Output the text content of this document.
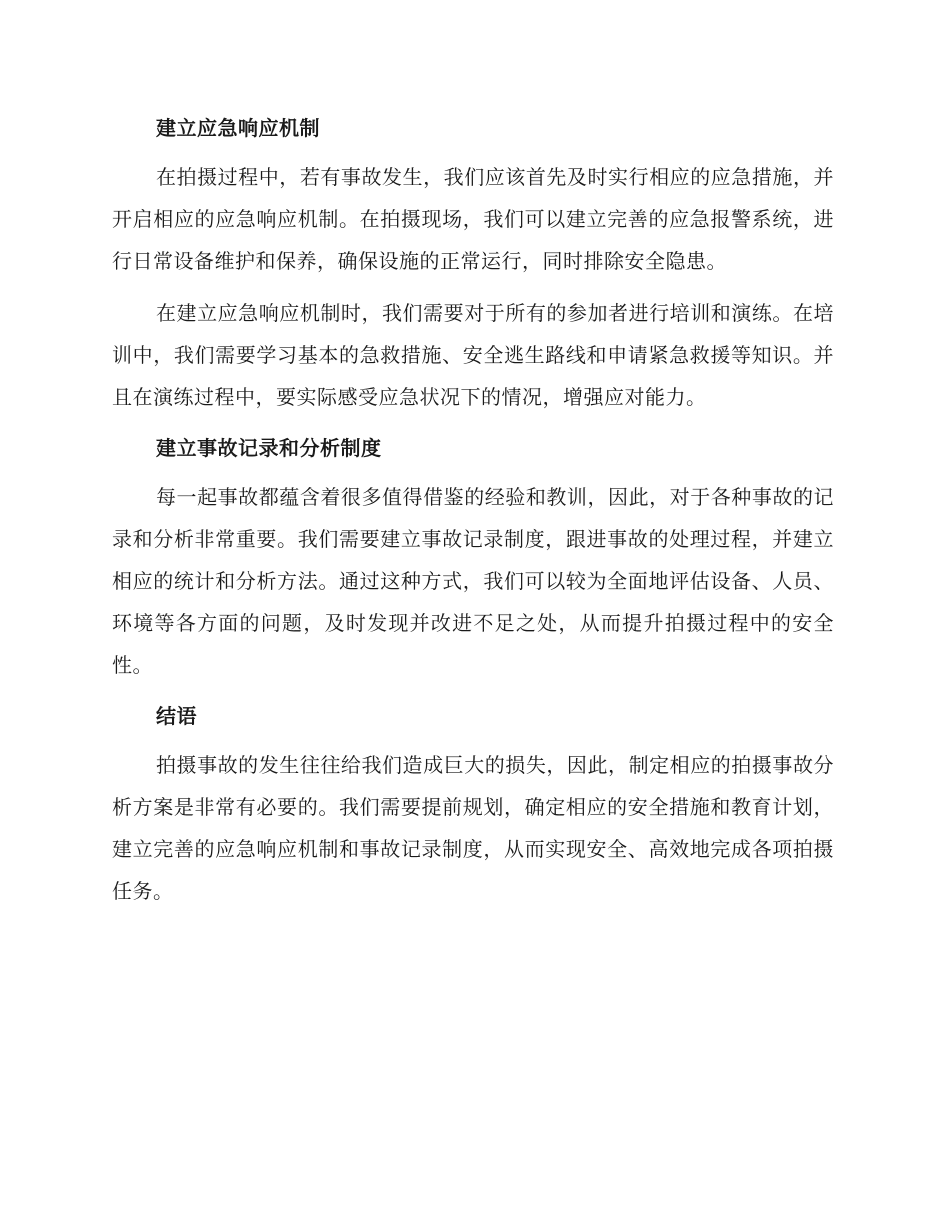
建立应急响应机制

在拍摄过程中，若有事故发生，我们应该首先及时实行相应的应急措施，并开启相应的应急响应机制。在拍摄现场，我们可以建立完善的应急报警系统，进行日常设备维护和保养，确保设施的正常运行，同时排除安全隐患。

在建立应急响应机制时，我们需要对于所有的参加者进行培训和演练。在培训中，我们需要学习基本的急救措施、安全逃生路线和申请紧急救援等知识。并且在演练过程中，要实际感受应急状况下的情况，增强应对能力。

建立事故记录和分析制度

每一起事故都蕴含着很多值得借鉴的经验和教训，因此，对于各种事故的记录和分析非常重要。我们需要建立事故记录制度，跟进事故的处理过程，并建立相应的统计和分析方法。通过这种方式，我们可以较为全面地评估设备、人员、环境等各方面的问题，及时发现并改进不足之处，从而提升拍摄过程中的安全性。

结语

拍摄事故的发生往往给我们造成巨大的损失，因此，制定相应的拍摄事故分析方案是非常有必要的。我们需要提前规划，确定相应的安全措施和教育计划，建立完善的应急响应机制和事故记录制度，从而实现安全、高效地完成各项拍摄任务。
